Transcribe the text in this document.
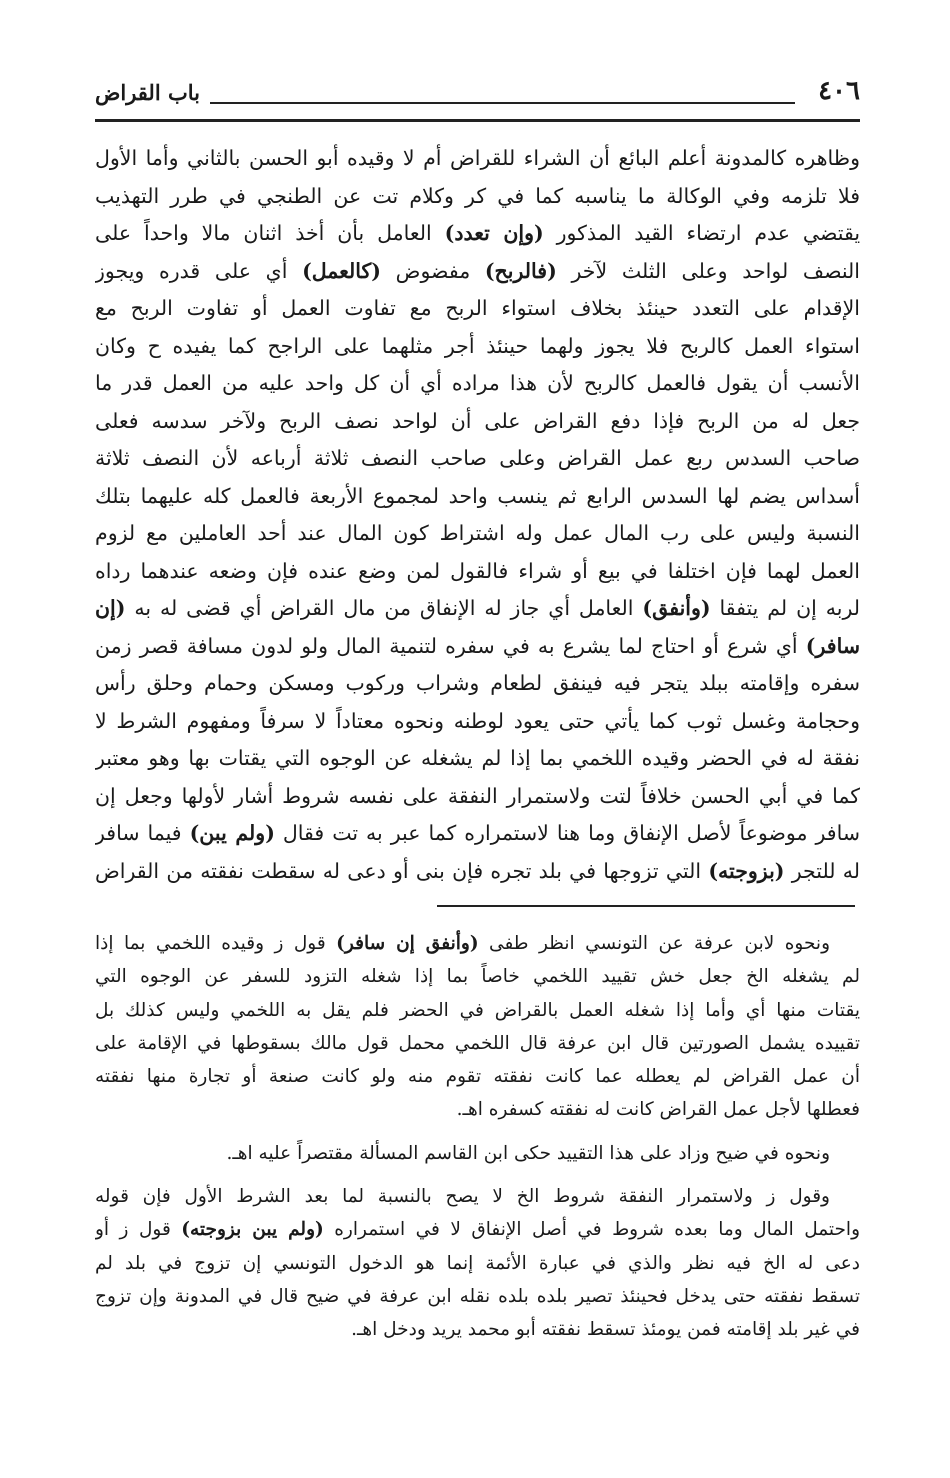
٤٠٦
باب القراض
وظاهره كالمدونة أعلم البائع أن الشراء للقراض أم لا وقيده أبو الحسن بالثاني وأما الأول
فلا تلزمه وفي الوكالة ما يناسبه كما في كر وكلام تت عن الطنجي في طرر التهذيب
يقتضي عدم ارتضاء القيد المذكور (وإن تعدد) العامل بأن أخذ اثنان مالا واحداً على
النصف لواحد وعلى الثلث لآخر (فالربح) مفضوض (كالعمل) أي على قدره ويجوز
الإقدام على التعدد حينئذ بخلاف استواء الربح مع تفاوت العمل أو تفاوت الربح مع
استواء العمل كالربح فلا يجوز ولهما حينئذ أجر مثلهما على الراجح كما يفيده ح وكان
الأنسب أن يقول فالعمل كالربح لأن هذا مراده أي أن كل واحد عليه من العمل قدر ما
جعل له من الربح فإذا دفع القراض على أن لواحد نصف الربح ولآخر سدسه فعلى
صاحب السدس ربع عمل القراض وعلى صاحب النصف ثلاثة أرباعه لأن النصف ثلاثة
أسداس يضم لها السدس الرابع ثم ينسب واحد لمجموع الأربعة فالعمل كله عليهما بتلك
النسبة وليس على رب المال عمل وله اشتراط كون المال عند أحد العاملين مع لزوم
العمل لهما فإن اختلفا في بيع أو شراء فالقول لمن وضع عنده فإن وضعه عندهما رداه
لربه إن لم يتفقا (وأنفق) العامل أي جاز له الإنفاق من مال القراض أي قضى له به (إن
سافر) أي شرع أو احتاج لما يشرع به في سفره لتنمية المال ولو لدون مسافة قصر زمن
سفره وإقامته ببلد يتجر فيه فينفق لطعام وشراب وركوب ومسكن وحمام وحلق رأس
وحجامة وغسل ثوب كما يأتي حتى يعود لوطنه ونحوه معتاداً لا سرفاً ومفهوم الشرط لا
نفقة له في الحضر وقيده اللخمي بما إذا لم يشغله عن الوجوه التي يقتات بها وهو معتبر
كما في أبي الحسن خلافاً لتت ولاستمرار النفقة على نفسه شروط أشار لأولها وجعل إن
سافر موضوعاً لأصل الإنفاق وما هنا لاستمراره كما عبر به تت فقال (ولم يبن) فيما سافر
له للتجر (بزوجته) التي تزوجها في بلد تجره فإن بنى أو دعى له سقطت نفقته من القراض
ونحوه لابن عرفة عن التونسي انظر طفى (وأنفق إن سافر) قول ز وقيده اللخمي بما إذا
لم يشغله الخ جعل خش تقييد اللخمي خاصاً بما إذا شغله التزود للسفر عن الوجوه التي
يقتات منها أي وأما إذا شغله العمل بالقراض في الحضر فلم يقل به اللخمي وليس كذلك بل
تقييده يشمل الصورتين قال ابن عرفة قال اللخمي محمل قول مالك بسقوطها في الإقامة على
أن عمل القراض لم يعطله عما كانت نفقته تقوم منه ولو كانت صنعة أو تجارة منها نفقته
فعطلها لأجل عمل القراض كانت له نفقته كسفره اهـ.
ونحوه في ضيح وزاد على هذا التقييد حكى ابن القاسم المسألة مقتصراً عليه اهـ.
وقول ز ولاستمرار النفقة شروط الخ لا يصح بالنسبة لما بعد الشرط الأول فإن قوله
واحتمل المال وما بعده شروط في أصل الإنفاق لا في استمراره (ولم يبن بزوجته) قول ز أو
دعى له الخ فيه نظر والذي في عبارة الأئمة إنما هو الدخول التونسي إن تزوج في بلد لم
تسقط نفقته حتى يدخل فحينئذ تصير بلده بلده نقله ابن عرفة في ضيح قال في المدونة وإن تزوج
في غير بلد إقامته فمن يومئذ تسقط نفقته أبو محمد يريد ودخل اهـ.
